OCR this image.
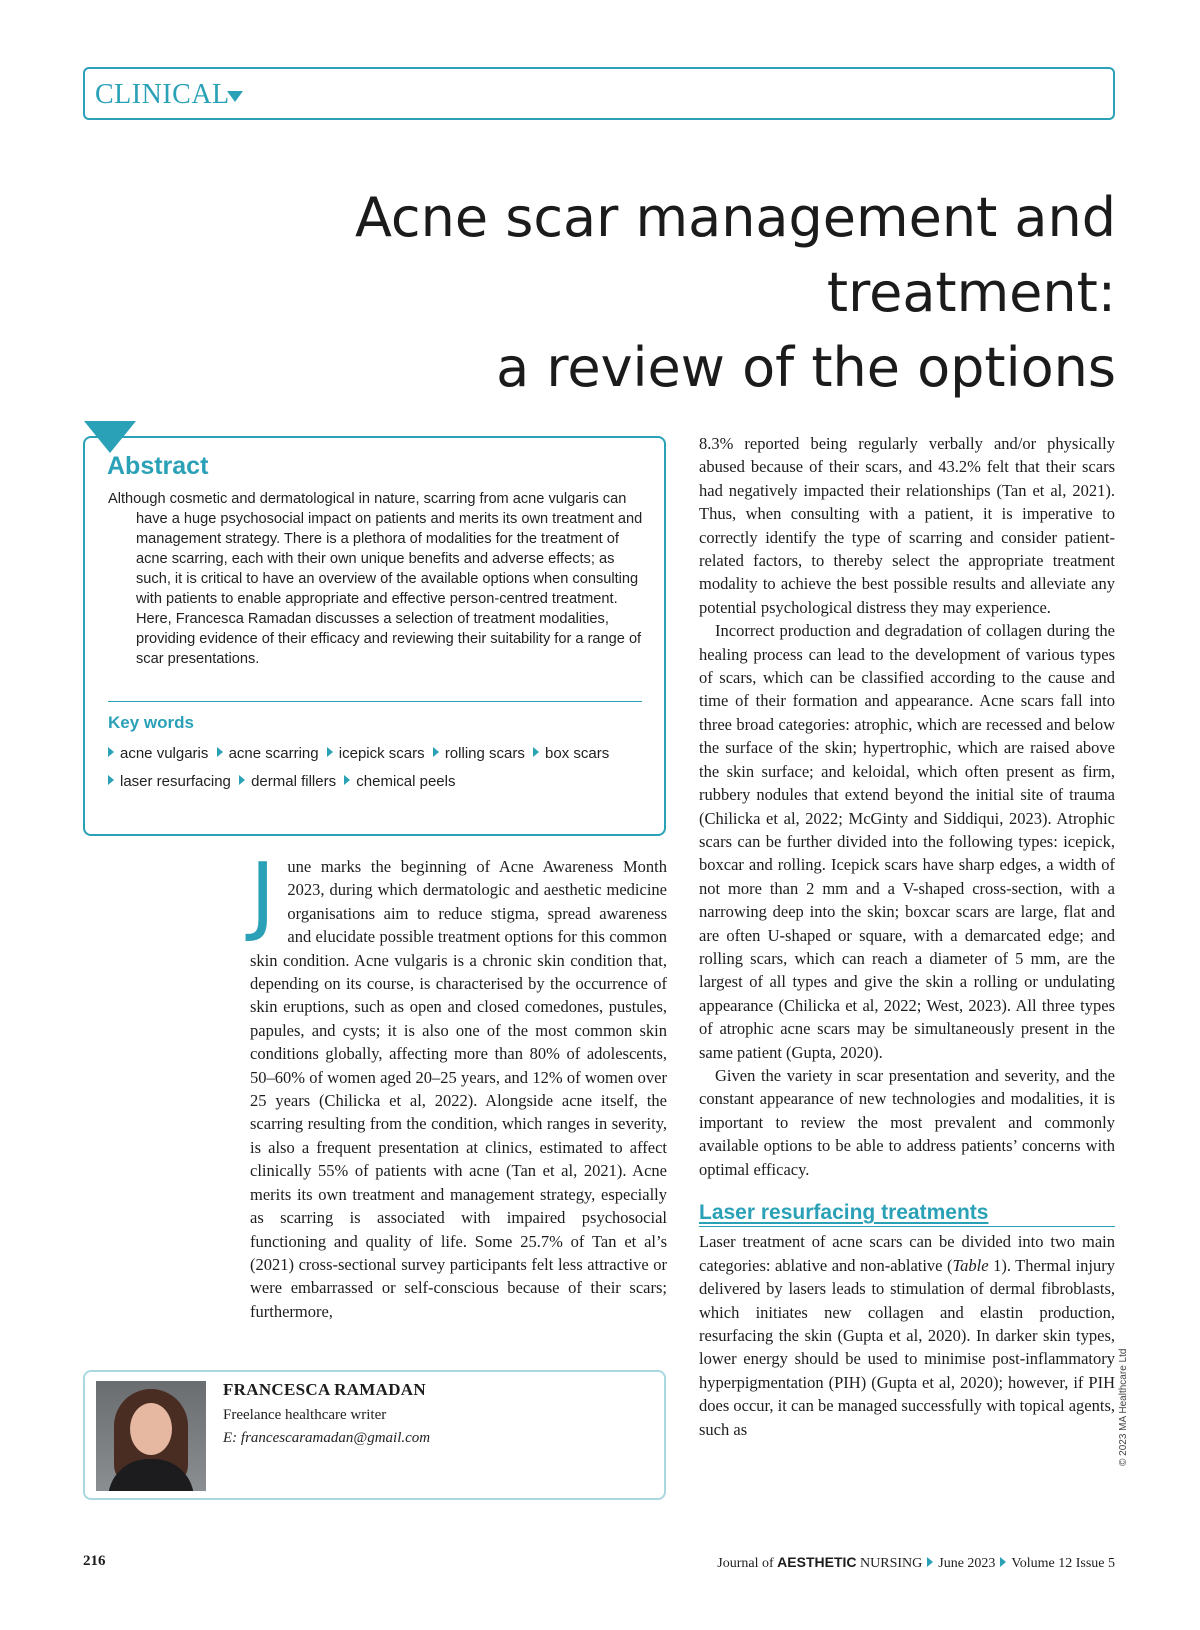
CLINICAL
Acne scar management and treatment:
a review of the options
Abstract

Although cosmetic and dermatological in nature, scarring from acne vulgaris can have a huge psychosocial impact on patients and merits its own treatment and management strategy. There is a plethora of modalities for the treatment of acne scarring, each with their own unique benefits and adverse effects; as such, it is critical to have an overview of the available options when consulting with patients to enable appropriate and effective person-centred treatment. Here, Francesca Ramadan discusses a selection of treatment modalities, providing evidence of their efficacy and reviewing their suitability for a range of scar presentations.

Key words
acne vulgaris acne scarring icepick scars rolling scars box scars
laser resurfacing dermal fillers chemical peels
J une marks the beginning of Acne Awareness Month 2023, during which dermatologic and aesthetic medicine organisations aim to reduce stigma, spread awareness and elucidate possible treatment options for this common skin condition. Acne vulgaris is a chronic skin condition that, depending on its course, is characterised by the occurrence of skin eruptions, such as open and closed comedones, pustules, papules, and cysts; it is also one of the most common skin conditions globally, affecting more than 80% of adolescents, 50–60% of women aged 20–25 years, and 12% of women over 25 years (Chilicka et al, 2022). Alongside acne itself, the scarring resulting from the condition, which ranges in severity, is also a frequent presentation at clinics, estimated to affect clinically 55% of patients with acne (Tan et al, 2021). Acne merits its own treatment and management strategy, especially as scarring is associated with impaired psychosocial functioning and quality of life. Some 25.7% of Tan et al’s (2021) cross-sectional survey participants felt less attractive or were embarrassed or self-conscious because of their scars; furthermore,

8.3% reported being regularly verbally and/or physically abused because of their scars, and 43.2% felt that their scars had negatively impacted their relationships (Tan et al, 2021). Thus, when consulting with a patient, it is imperative to correctly identify the type of scarring and consider patient-related factors, to thereby select the appropriate treatment modality to achieve the best possible results and alleviate any potential psychological distress they may experience.

Incorrect production and degradation of collagen during the healing process can lead to the development of various types of scars, which can be classified according to the cause and time of their formation and appearance. Acne scars fall into three broad categories: atrophic, which are recessed and below the surface of the skin; hypertrophic, which are raised above the skin surface; and keloidal, which often present as firm, rubbery nodules that extend beyond the initial site of trauma (Chilicka et al, 2022; McGinty and Siddiqui, 2023). Atrophic scars can be further divided into the following types: icepick, boxcar and rolling. Icepick scars have sharp edges, a width of not more than 2 mm and a V-shaped cross-section, with a narrowing deep into the skin; boxcar scars are large, flat and are often U-shaped or square, with a demarcated edge; and rolling scars, which can reach a diameter of 5 mm, are the largest of all types and give the skin a rolling or undulating appearance (Chilicka et al, 2022; West, 2023). All three types of atrophic acne scars may be simultaneously present in the same patient (Gupta, 2020).

Given the variety in scar presentation and severity, and the constant appearance of new technologies and modalities, it is important to review the most prevalent and commonly available options to be able to address patients’ concerns with optimal efficacy.

Laser resurfacing treatments

Laser treatment of acne scars can be divided into two main categories: ablative and non-ablative (Table 1). Thermal injury delivered by lasers leads to stimulation of dermal fibroblasts, which initiates new collagen and elastin production, resurfacing the skin (Gupta et al, 2020). In darker skin types, lower energy should be used to minimise post-inflammatory hyperpigmentation (PIH) (Gupta et al, 2020); however, if PIH does occur, it can be managed successfully with topical agents, such as

FRANCESCA RAMADAN
Freelance healthcare writer
E: francescaramadan@gmail.com	© 2023 MA Healthcare Ltd
216	Journal of AESTHETIC NURSING June 2023 Volume 12 Issue 5
